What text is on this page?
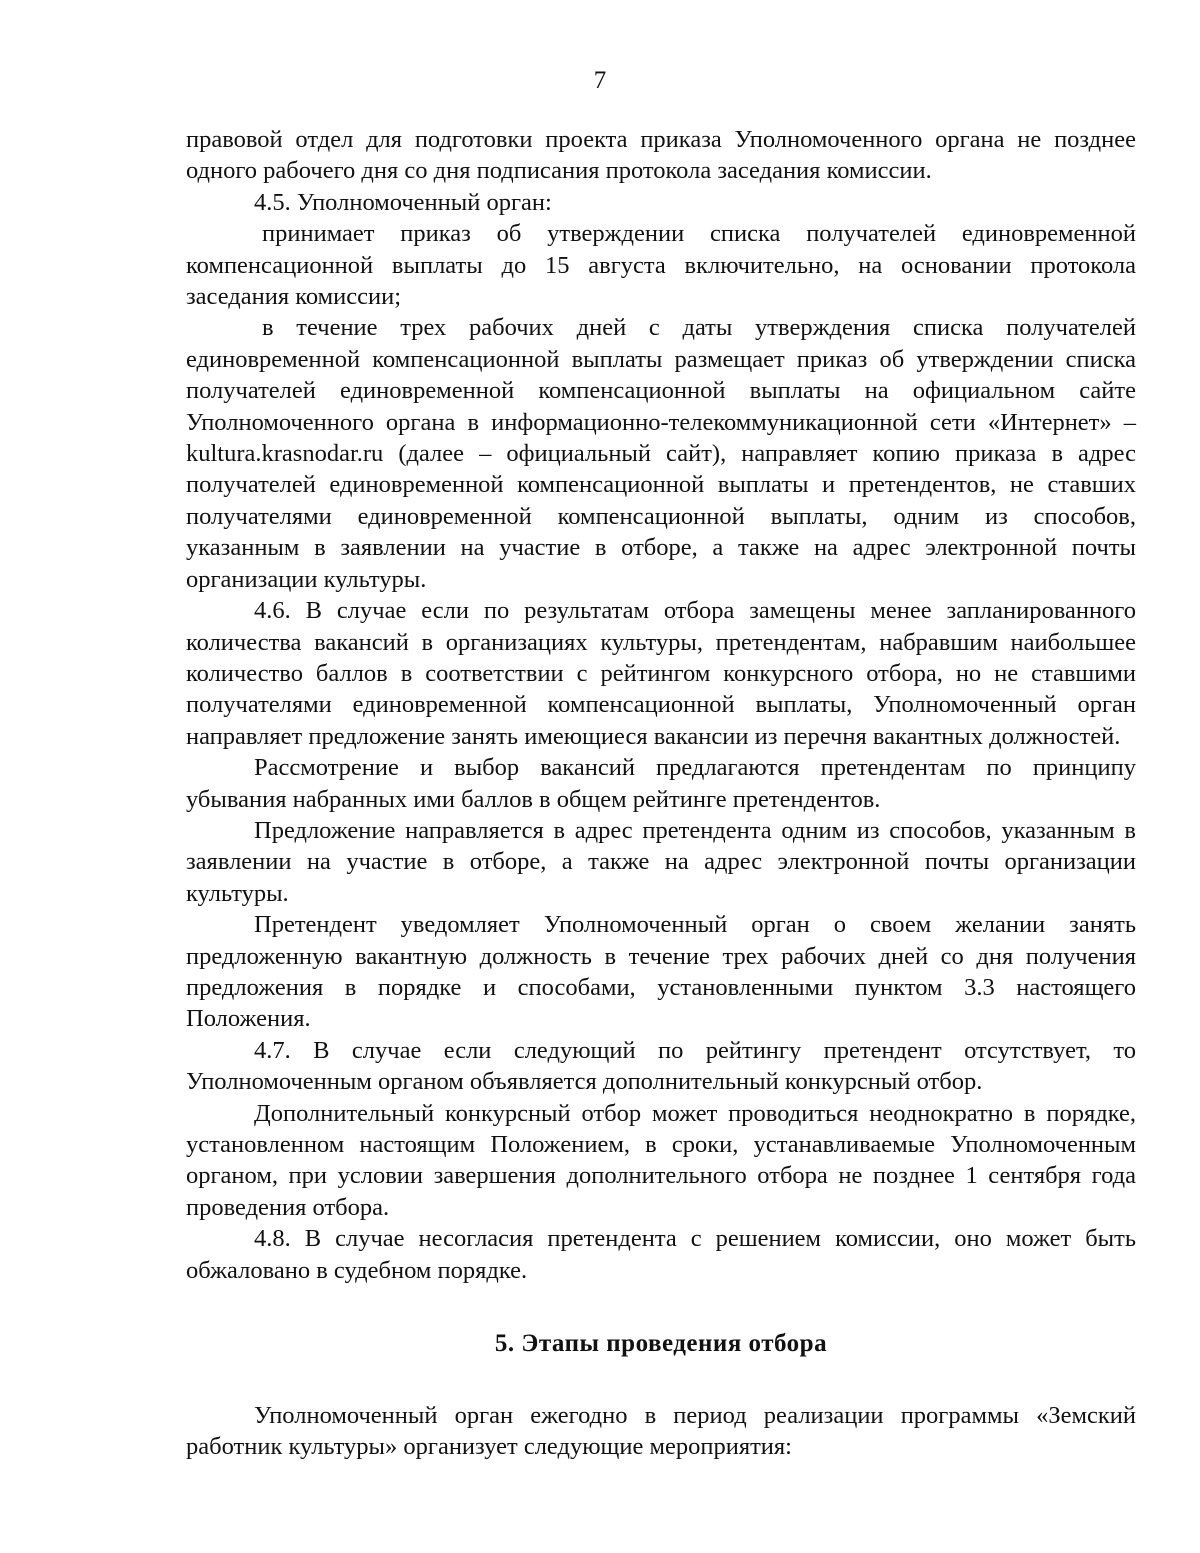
7

правовой отдел для подготовки проекта приказа Уполномоченного органа не позднее одного рабочего дня со дня подписания протокола заседания комиссии.

4.5. Уполномоченный орган:

принимает приказ об утверждении списка получателей единовременной компенсационной выплаты до 15 августа включительно, на основании протокола заседания комиссии;

в течение трех рабочих дней с даты утверждения списка получателей единовременной компенсационной выплаты размещает приказ об утверждении списка получателей единовременной компенсационной выплаты на официальном сайте Уполномоченного органа в информационно-телекоммуникационной сети «Интернет» – kultura.krasnodar.ru (далее – официальный сайт), направляет копию приказа в адрес получателей единовременной компенсационной выплаты и претендентов, не ставших получателями единовременной компенсационной выплаты, одним из способов, указанным в заявлении на участие в отборе, а также на адрес электронной почты организации культуры.

4.6. В случае если по результатам отбора замещены менее запланированного количества вакансий в организациях культуры, претендентам, набравшим наибольшее количество баллов в соответствии с рейтингом конкурсного отбора, но не ставшими получателями единовременной компенсационной выплаты, Уполномоченный орган направляет предложение занять имеющиеся вакансии из перечня вакантных должностей.

Рассмотрение и выбор вакансий предлагаются претендентам по принципу убывания набранных ими баллов в общем рейтинге претендентов.

Предложение направляется в адрес претендента одним из способов, указанным в заявлении на участие в отборе, а также на адрес электронной почты организации культуры.

Претендент уведомляет Уполномоченный орган о своем желании занять предложенную вакантную должность в течение трех рабочих дней со дня получения предложения в порядке и способами, установленными пунктом 3.3 настоящего Положения.

4.7. В случае если следующий по рейтингу претендент отсутствует, то Уполномоченным органом объявляется дополнительный конкурсный отбор.

Дополнительный конкурсный отбор может проводиться неоднократно в порядке, установленном настоящим Положением, в сроки, устанавливаемые Уполномоченным органом, при условии завершения дополнительного отбора не позднее 1 сентября года проведения отбора.

4.8. В случае несогласия претендента с решением комиссии, оно может быть обжаловано в судебном порядке.

5. Этапы проведения отбора

Уполномоченный орган ежегодно в период реализации программы «Земский работник культуры» организует следующие мероприятия:
